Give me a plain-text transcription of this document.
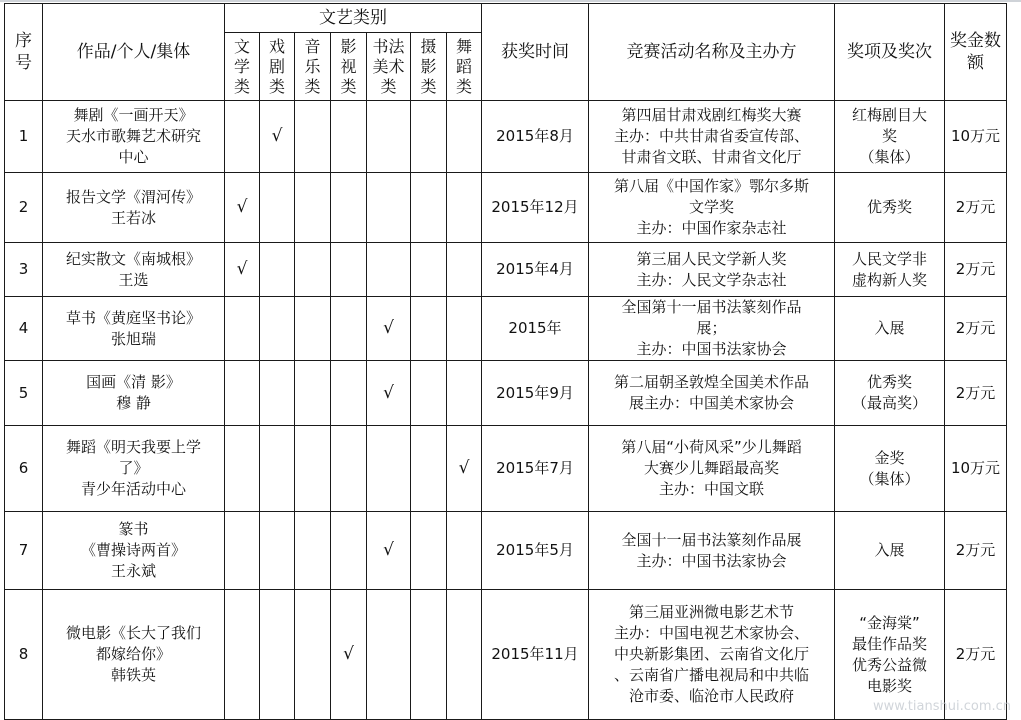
序
号	作品/个人/集体	文艺类别							获奖时间	竞赛活动名称及主办方	奖项及奖次	奖金数
额
		文
学
类	戏
剧
类	音
乐
类	影
视
类	书法
美术
类	摄
影
类	舞
蹈
类				
1	舞剧《一画开天》
天水市歌舞艺术研究
中心		√						2015年8月	第四届甘肃戏剧红梅奖大赛
主办：中共甘肃省委宣传部、
甘肃省文联、甘肃省文化厅	红梅剧目大
奖
（集体）	10万元
2	报告文学《渭河传》
王若冰	√							2015年12月	第八届《中国作家》鄂尔多斯
文学奖
主办：中国作家杂志社	优秀奖	2万元
3	纪实散文《南城根》
王选	√							2015年4月	第三届人民文学新人奖
主办：人民文学杂志社	人民文学非
虚构新人奖	2万元
4	草书《黄庭坚书论》
张旭瑞					√			2015年	全国第十一届书法篆刻作品
展；
主办：中国书法家协会	入展	2万元
5	国画《清 影》
穆 静					√			2015年9月	第二届朝圣敦煌全国美术作品
展主办：中国美术家协会	优秀奖
（最高奖）	2万元
6	舞蹈《明天我要上学
了》
青少年活动中心							√	2015年7月	第八届“小荷风采”少儿舞蹈
大赛少儿舞蹈最高奖
主办：中国文联	金奖
（集体）	10万元
7	篆书
《曹操诗两首》
王永斌					√			2015年5月	全国十一届书法篆刻作品展
主办：中国书法家协会	入展	2万元
8	微电影《长大了我们
都嫁给你》
韩铁英				√				2015年11月	第三届亚洲微电影艺术节
主办：中国电视艺术家协会、
中央新影集团、云南省文化厅
、云南省广播电视局和中共临
沧市委、临沧市人民政府	“金海棠”
最佳作品奖
优秀公益微
电影奖	2万元
www.tianshui.com.cn
